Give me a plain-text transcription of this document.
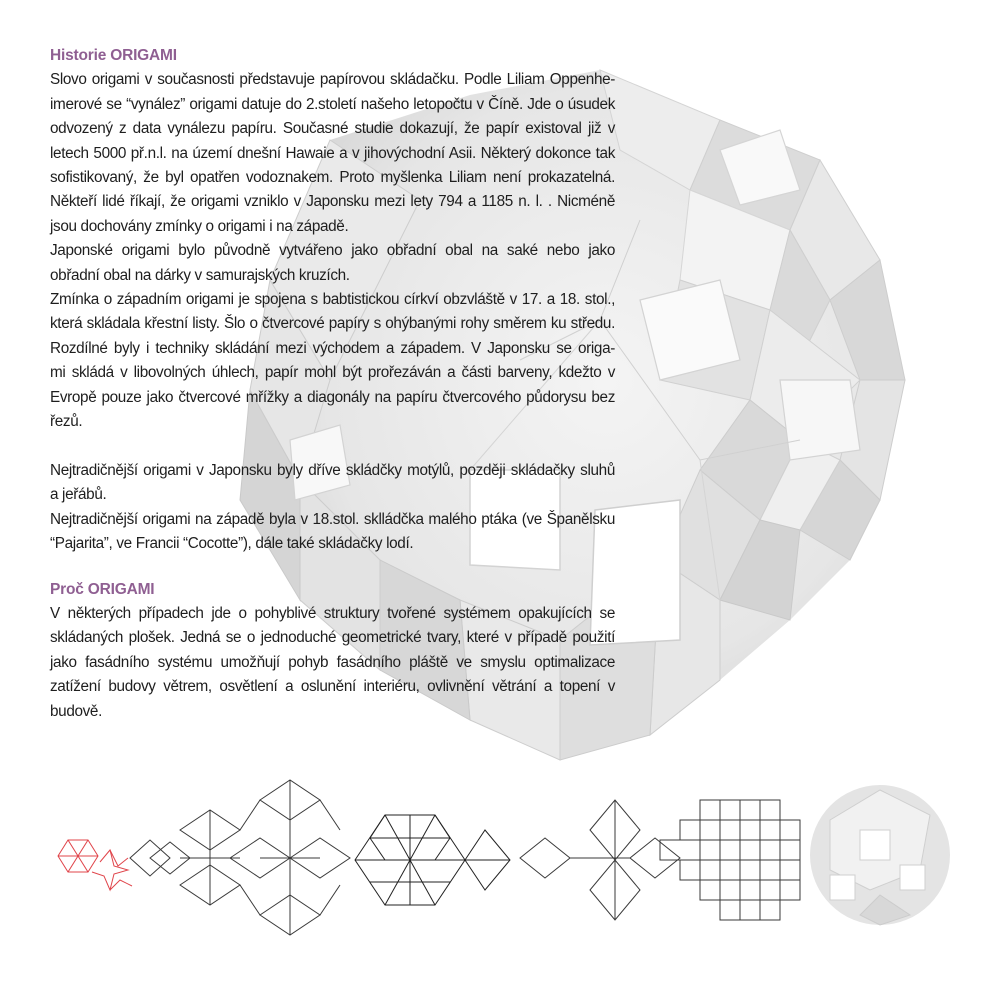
Historie ORIGAMI

Slovo origami v současnosti představuje papírovou skládačku. Podle Liliam Oppenhe-
imerové se “vynález” origami datuje do 2.století našeho letopočtu v Číně. Jde o úsudek
odvozený z data vynálezu papíru. Současné studie dokazují, že papír existoval již v
letech 5000 př.n.l. na území dnešní Hawaie a v jihovýchodní Asii. Některý dokonce tak
sofistikovaný, že byl opatřen vodoznakem. Proto myšlenka Liliam není prokazatelná.
Někteří lidé říkají, že origami vzniklo v Japonsku mezi lety 794 a 1185 n. l. . Nicméně
jsou dochovány zmínky o origami i na západě.
Japonské origami bylo původně vytvářeno jako obřadní obal na saké nebo jako
obřadní obal na dárky v samurajských kruzích.
Zmínka o západním origami je spojena s babtistickou církví obzvláště v 17. a 18. stol.,
která skládala křestní listy. Šlo o čtvercové papíry s ohýbanými rohy směrem ku středu.
Rozdílné byly i techniky skládání mezi východem a západem. V Japonsku se origa-
mi skládá v libovolných úhlech, papír mohl být prořezáván a části barveny, kdežto v
Evropě pouze jako čtvercové mřížky a diagonály na papíru čtvercového půdorysu bez
řezů.

Nejtradičnější origami v Japonsku byly dříve skládčky motýlů, později skládačky sluhů
a jeřábů.
Nejtradičnější origami na západě byla v 18.stol. sklládčka malého ptáka (ve Španělsku
“Pajarita”, ve Francii “Cocotte”), dále také skládačky lodí.

Proč ORIGAMI

V některých případech jde o pohyblivé struktury tvořené systémem opakujících se
skládaných plošek. Jedná se o jednoduché geometrické tvary, které v případě použití
jako fasádního systému umožňují pohyb fasádního pláště ve smyslu optimalizace
zatížení budovy větrem, osvětlení a oslunění interiéru, ovlivnění větrání a topení v
budově.
